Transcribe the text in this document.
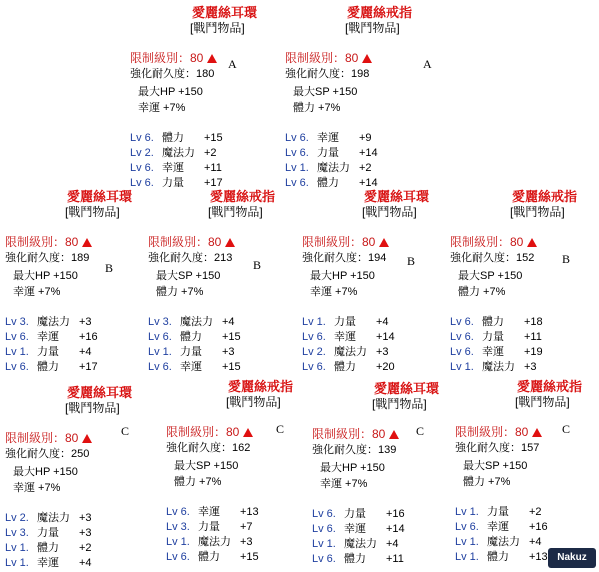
愛麗絲耳環
[戰鬥物品]
限制級別：80
強化耐久度：180
最大HP +150
幸運 +7%
A
Lv 6. 體力 +15
Lv 2. 魔法力 +2
Lv 6. 幸運 +11
Lv 6. 力量 +17
愛麗絲戒指
[戰鬥物品]
限制級別：80
強化耐久度：198
最大SP +150
體力 +7%
A
Lv 6. 幸運 +9
Lv 6. 力量 +14
Lv 1. 魔法力 +2
Lv 6. 體力 +14
愛麗絲耳環
[戰鬥物品]
限制級別：80
強化耐久度：189
最大HP +150
幸運 +7%
B
Lv 3. 魔法力 +3
Lv 6. 幸運 +16
Lv 1. 力量 +4
Lv 6. 體力 +17
愛麗絲戒指
[戰鬥物品]
限制級別：80
強化耐久度：213
最大SP +150
體力 +7%
B
Lv 3. 魔法力 +4
Lv 6. 體力 +15
Lv 1. 力量 +3
Lv 6. 幸運 +15
愛麗絲耳環
[戰鬥物品]
限制級別：80
強化耐久度：194
最大HP +150
幸運 +7%
B
Lv 1. 力量 +4
Lv 6. 幸運 +14
Lv 2. 魔法力 +3
Lv 6. 體力 +20
愛麗絲戒指
[戰鬥物品]
限制級別：80
強化耐久度：152
最大SP +150
體力 +7%
B
Lv 6. 體力 +18
Lv 6. 力量 +11
Lv 6. 幸運 +19
Lv 1. 魔法力 +3
愛麗絲耳環
[戰鬥物品]
限制級別：80
強化耐久度：250
最大HP +150
幸運 +7%
C
Lv 2. 魔法力 +3
Lv 3. 力量 +3
Lv 1. 體力 +2
Lv 1. 幸運 +4
愛麗絲戒指
[戰鬥物品]
限制級別：80
強化耐久度：162
最大SP +150
體力 +7%
C
Lv 6. 幸運 +13
Lv 3. 力量 +7
Lv 1. 魔法力 +3
Lv 6. 體力 +15
愛麗絲耳環
[戰鬥物品]
限制級別：80
強化耐久度：139
最大HP +150
幸運 +7%
C
Lv 6. 力量 +16
Lv 6. 幸運 +14
Lv 1. 魔法力 +4
Lv 6. 體力 +11
愛麗絲戒指
[戰鬥物品]
限制級別：80
強化耐久度：157
最大SP +150
體力 +7%
C
Lv 1. 力量 +2
Lv 6. 幸運 +16
Lv 1. 魔法力 +4
Lv 1. 體力 +13 Nakuz
